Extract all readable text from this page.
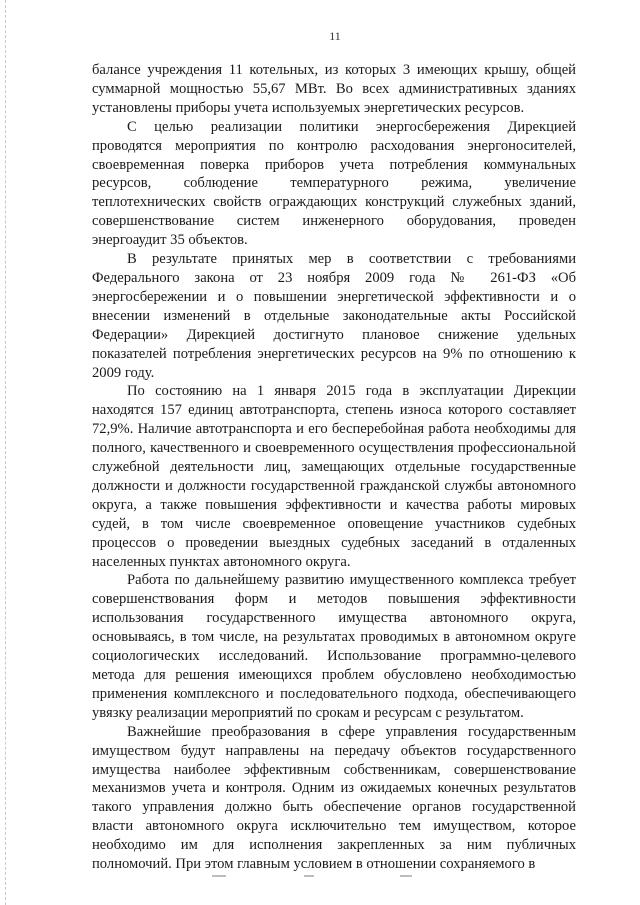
11

балансе учреждения 11 котельных, из которых 3 имеющих крышу, общей суммарной мощностью 55,67 МВт. Во всех административных зданиях установлены приборы учета используемых энергетических ресурсов.

С целью реализации политики энергосбережения Дирекцией проводятся мероприятия по контролю расходования энергоносителей, своевременная поверка приборов учета потребления коммунальных ресурсов, соблюдение температурного режима, увеличение теплотехнических свойств ограждающих конструкций служебных зданий, совершенствование систем инженерного оборудования, проведен энергоаудит 35 объектов.

В результате принятых мер в соответствии с требованиями Федерального закона от 23 ноября 2009 года № 261-ФЗ «Об энергосбережении и о повышении энергетической эффективности и о внесении изменений в отдельные законодательные акты Российской Федерации» Дирекцией достигнуто плановое снижение удельных показателей потребления энергетических ресурсов на 9% по отношению к 2009 году.

По состоянию на 1 января 2015 года в эксплуатации Дирекции находятся 157 единиц автотранспорта, степень износа которого составляет 72,9%. Наличие автотранспорта и его бесперебойная работа необходимы для полного, качественного и своевременного осуществления профессиональной служебной деятельности лиц, замещающих отдельные государственные должности и должности государственной гражданской службы автономного округа, а также повышения эффективности и качества работы мировых судей, в том числе своевременное оповещение участников судебных процессов о проведении выездных судебных заседаний в отдаленных населенных пунктах автономного округа.

Работа по дальнейшему развитию имущественного комплекса требует совершенствования форм и методов повышения эффективности использования государственного имущества автономного округа, основываясь, в том числе, на результатах проводимых в автономном округе социологических исследований. Использование программно-целевого метода для решения имеющихся проблем обусловлено необходимостью применения комплексного и последовательного подхода, обеспечивающего увязку реализации мероприятий по срокам и ресурсам с результатом.

Важнейшие преобразования в сфере управления государственным имуществом будут направлены на передачу объектов государственного имущества наиболее эффективным собственникам, совершенствование механизмов учета и контроля. Одним из ожидаемых конечных результатов такого управления должно быть обеспечение органов государственной власти автономного округа исключительно тем имуществом, которое необходимо им для исполнения закрепленных за ним публичных полномочий. При этом главным условием в отношении сохраняемого в
